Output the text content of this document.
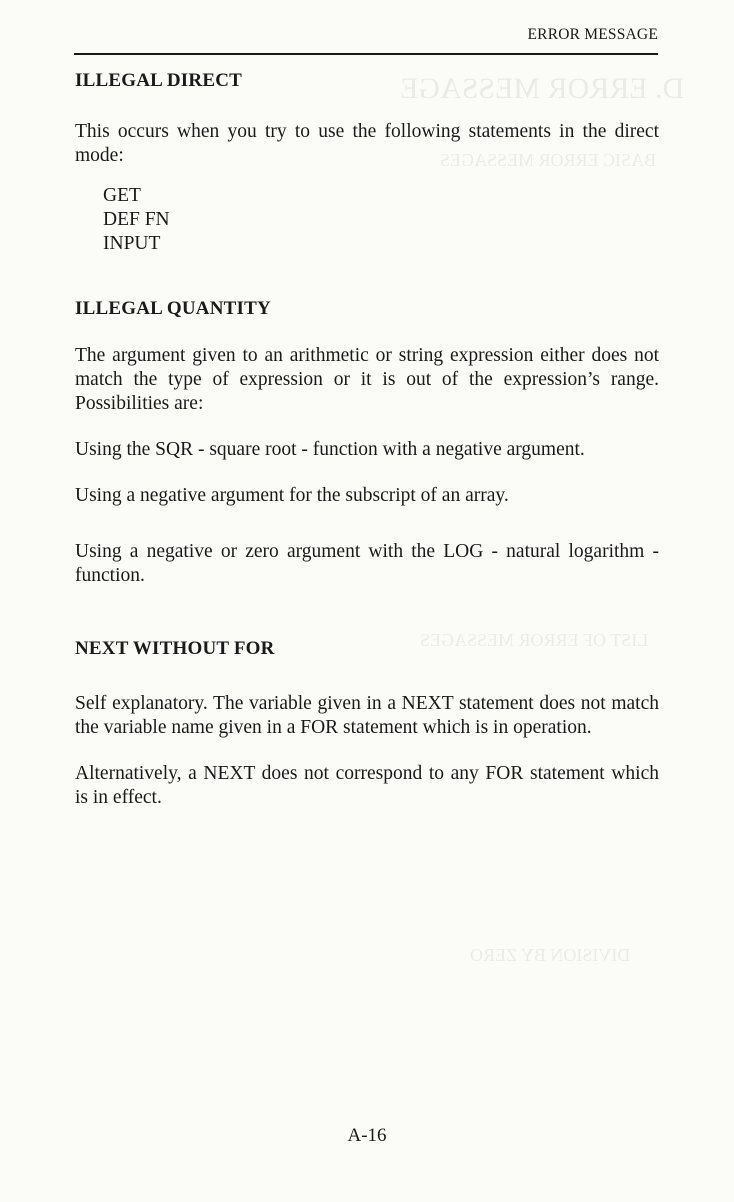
D. ERROR MESSAGE
BASIC ERROR MESSAGES
LIST OF ERROR MESSAGES
DIVISION BY ZERO
ERROR MESSAGE
ILLEGAL DIRECT

This occurs when you try to use the following statements in the direct mode:

GET
DEF FN
INPUT
ILLEGAL QUANTITY

The argument given to an arithmetic or string expression either does not match the type of expression or it is out of the expression’s range. Possibilities are:

Using the SQR - square root - function with a negative argument.

Using a negative argument for the subscript of an array.

Using a negative or zero argument with the LOG - natural logarithm - function.

NEXT WITHOUT FOR

Self explanatory. The variable given in a NEXT statement does not match the variable name given in a FOR statement which is in operation.

Alternatively, a NEXT does not correspond to any FOR statement which is in effect.

A-16
